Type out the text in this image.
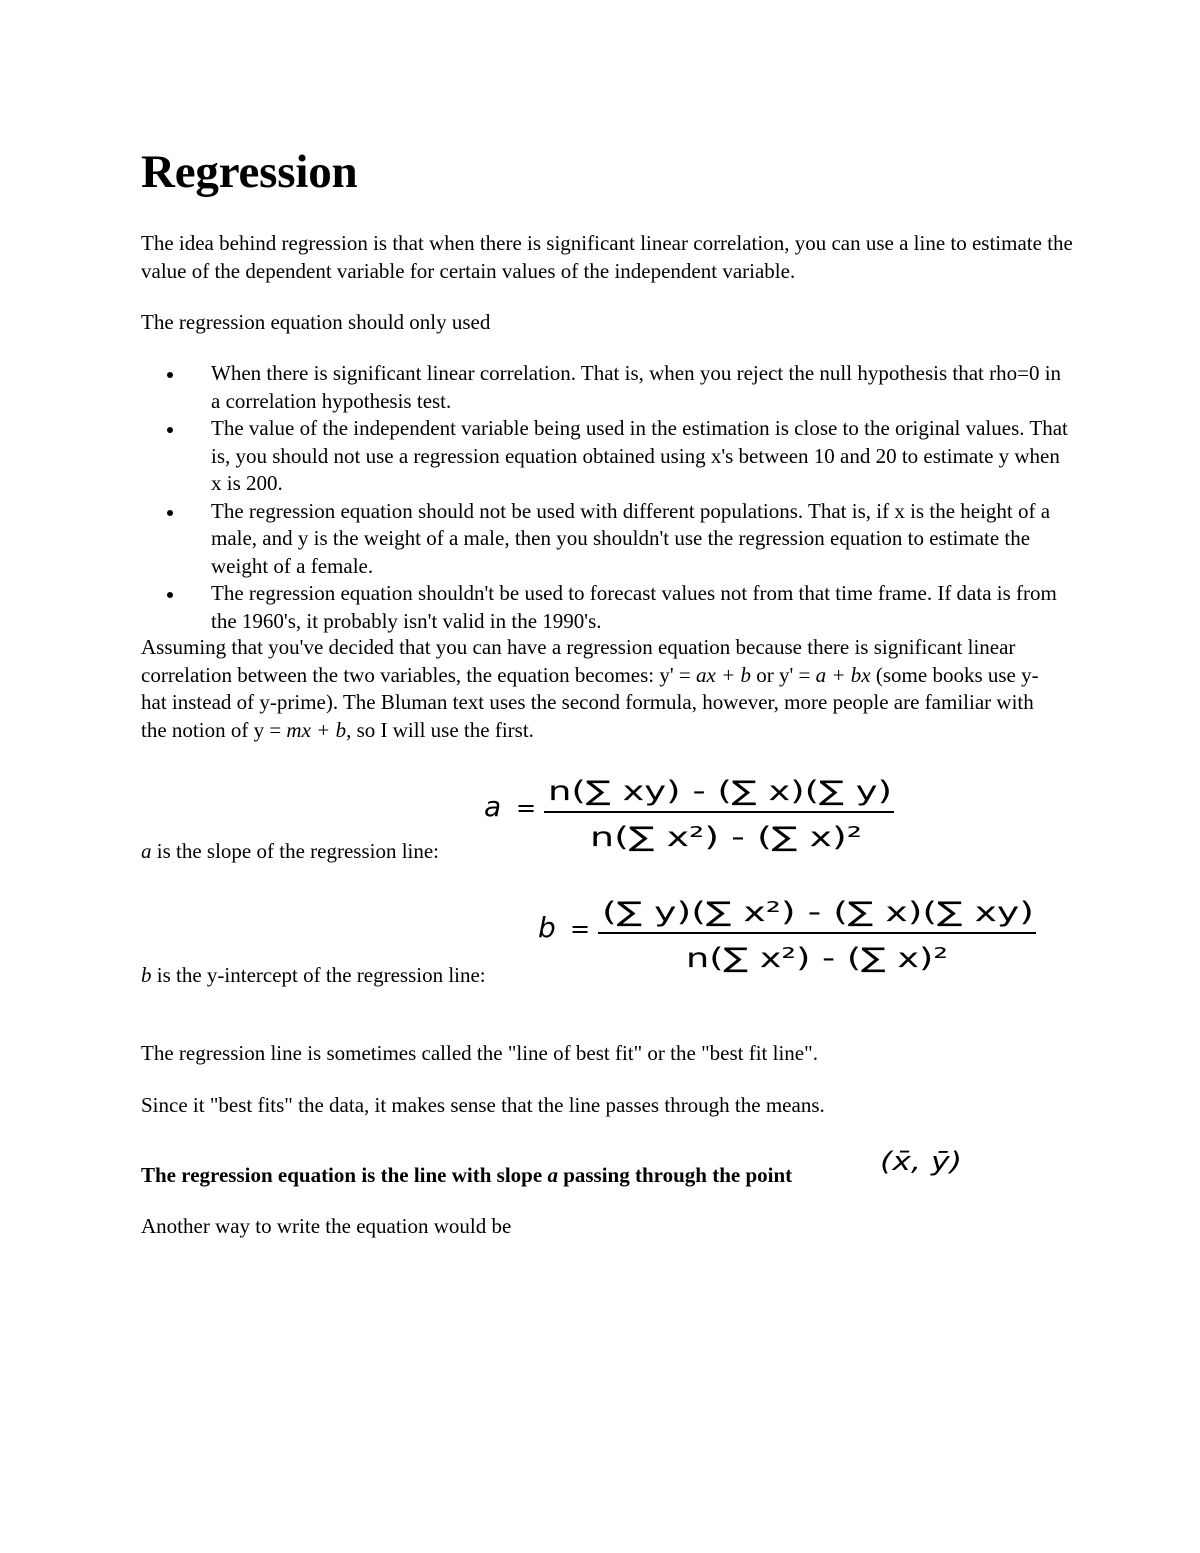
Regression

The idea behind regression is that when there is significant linear correlation, you can use a line to estimate the value of the dependent variable for certain values of the independent variable.

The regression equation should only used

When there is significant linear correlation. That is, when you reject the null hypothesis that rho=0 in a correlation hypothesis test.
The value of the independent variable being used in the estimation is close to the original values. That is, you should not use a regression equation obtained using x's between 10 and 20 to estimate y when x is 200.
The regression equation should not be used with different populations. That is, if x is the height of a male, and y is the weight of a male, then you shouldn't use the regression equation to estimate the weight of a female.
The regression equation shouldn't be used to forecast values not from that time frame. If data is from the 1960's, it probably isn't valid in the 1990's.

Assuming that you've decided that you can have a regression equation because there is significant linear correlation between the two variables, the equation becomes: y' = ax + b or y' = a + bx (some books use y-hat instead of y-prime). The Bluman text uses the second formula, however, more people are familiar with the notion of y = mx + b, so I will use the first.

a =
n(∑ xy) - (∑ x)(∑ y)
n(∑ x²) - (∑ x)²

a is the slope of the regression line:

b =
(∑ y)(∑ x²) - (∑ x)(∑ xy)
n(∑ x²) - (∑ x)²

b is the y-intercept of the regression line:

The regression line is sometimes called the "line of best fit" or the "best fit line".

Since it "best fits" the data, it makes sense that the line passes through the means.

The regression equation is the line with slope a passing through the point	(x̄, ȳ)

Another way to write the equation would be
